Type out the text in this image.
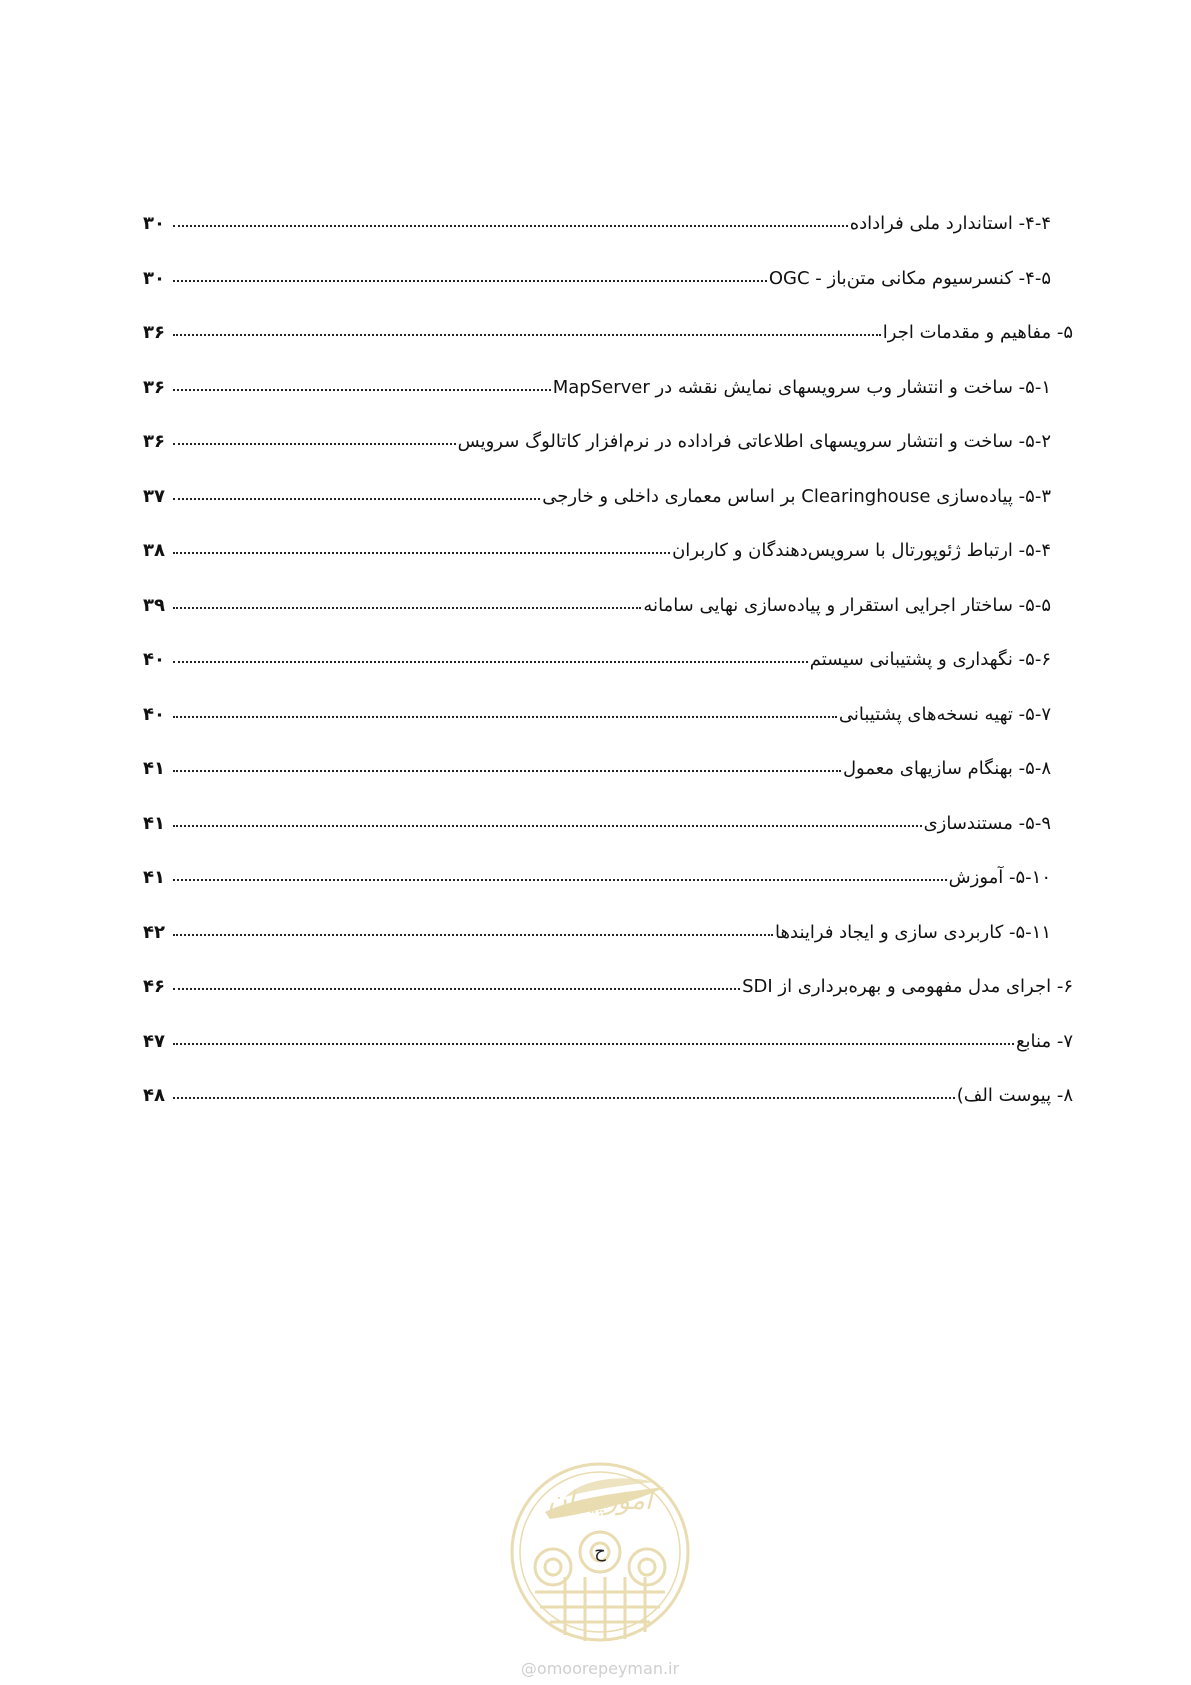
۴-۴- استاندارد ملی فراداده
۳۰
۴-۵- کنسرسیوم مکانی متن‌باز - OGC
۳۰
۵- مفاهیم و مقدمات اجرا
۳۶
۵-۱- ساخت و انتشار وب سرویسهای نمایش نقشه در MapServer
۳۶
۵-۲- ساخت و انتشار سرویسهای اطلاعاتی فراداده در نرم‌افزار کاتالوگ سرویس
۳۶
۵-۳- پیاده‌سازی Clearinghouse بر اساس معماری داخلی و خارجی
۳۷
۵-۴- ارتباط ژئوپورتال با سرویس‌دهندگان و کاربران
۳۸
۵-۵- ساختار اجرایی استقرار و پیاده‌سازی نهایی سامانه
۳۹
۵-۶- نگهداری و پشتیبانی سیستم
۴۰
۵-۷- تهیه نسخه‌های پشتیبانی
۴۰
۵-۸- بهنگام سازیهای معمول
۴۱
۵-۹- مستندسازی
۴۱
۵-۱۰- آموزش
۴۱
۵-۱۱- کاربردی سازی و ایجاد فرایندها
۴۲
۶- اجرای مدل مفهومی و بهره‌برداری از SDI
۴۶
۷- منابع
۴۷
۸- پیوست الف)
۴۸
امورپیمان
ح
@omoorepeyman.ir
